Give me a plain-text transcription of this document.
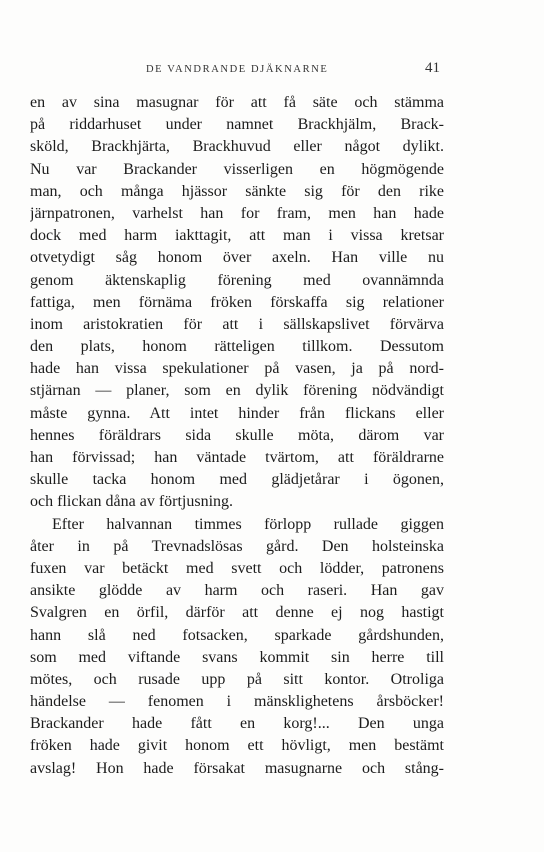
DE VANDRANDE DJÄKNARNE	41
en av sina masugnar för att få säte och stämma
på riddarhuset under namnet Brackhjälm, Brack-
sköld, Brackhjärta, Brackhuvud eller något dylikt.
Nu var Brackander visserligen en högmögende
man, och många hjässor sänkte sig för den rike
järnpatronen, varhelst han for fram, men han hade
dock med harm iakttagit, att man i vissa kretsar
otvetydigt såg honom över axeln. Han ville nu
genom äktenskaplig förening med ovannämnda
fattiga, men förnäma fröken förskaffa sig relationer
inom aristokratien för att i sällskapslivet förvärva
den plats, honom rätteligen tillkom. Dessutom
hade han vissa spekulationer på vasen, ja på nord-
stjärnan — planer, som en dylik förening nödvändigt
måste gynna. Att intet hinder från flickans eller
hennes föräldrars sida skulle möta, därom var
han förvissad; han väntade tvärtom, att föräldrarne
skulle tacka honom med glädjetårar i ögonen,
och flickan dåna av förtjusning.
Efter halvannan timmes förlopp rullade giggen
åter in på Trevnadslösas gård. Den holsteinska
fuxen var betäckt med svett och lödder, patronens
ansikte glödde av harm och raseri. Han gav
Svalgren en örfil, därför att denne ej nog hastigt
hann slå ned fotsacken, sparkade gårdshunden,
som med viftande svans kommit sin herre till
mötes, och rusade upp på sitt kontor. Otroliga
händelse — fenomen i mänsklighetens årsböcker!
Brackander hade fått en korg!... Den unga
fröken hade givit honom ett hövligt, men bestämt
avslag! Hon hade försakat masugnarne och stång-
